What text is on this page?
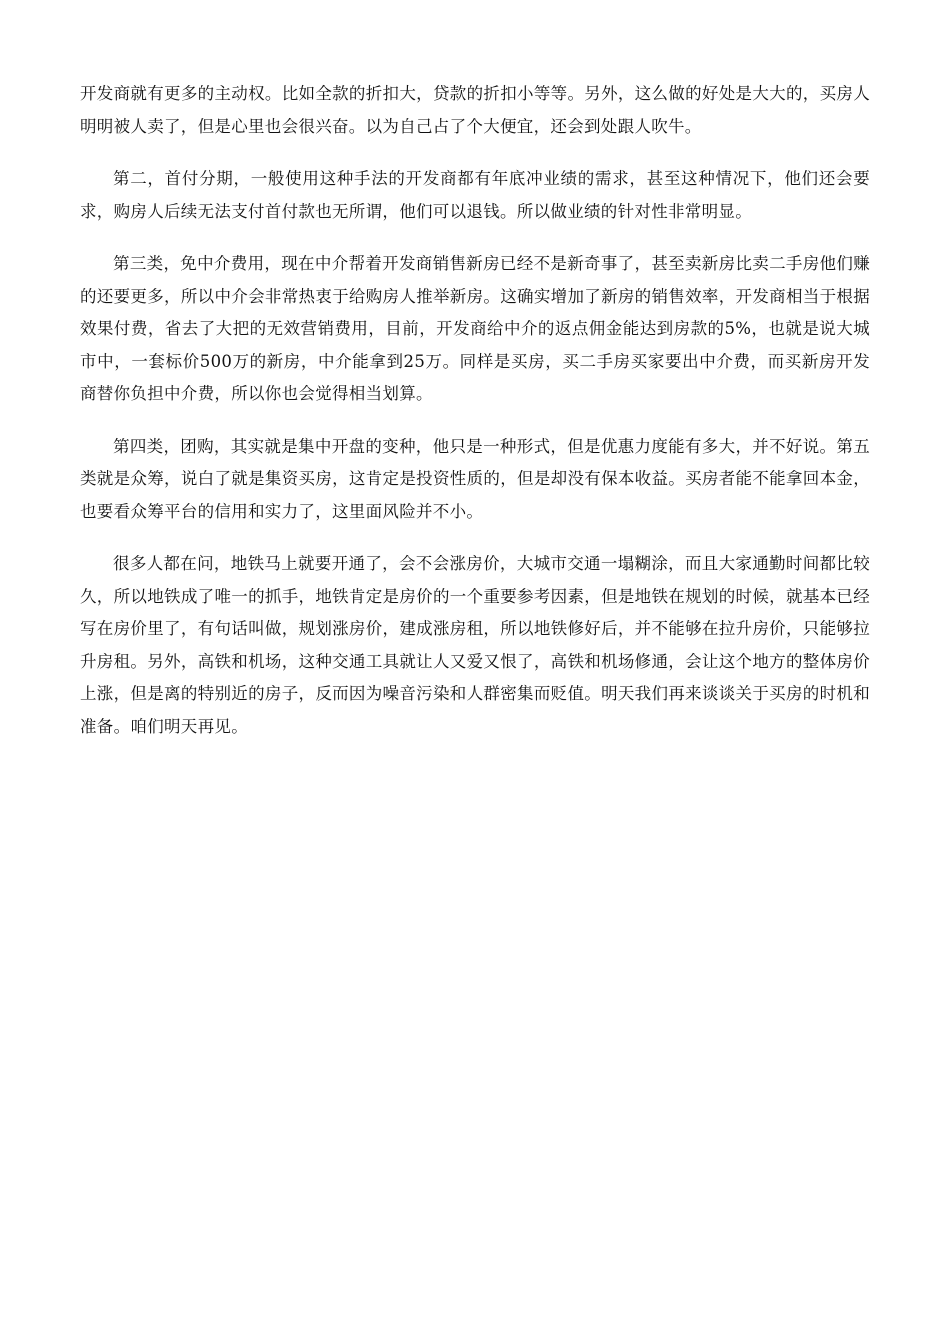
开发商就有更多的主动权。比如全款的折扣大，贷款的折扣小等等。另外，这么做的好处是大大的，买房人明明被人卖了，但是心里也会很兴奋。以为自己占了个大便宜，还会到处跟人吹牛。

第二，首付分期，一般使用这种手法的开发商都有年底冲业绩的需求，甚至这种情况下，他们还会要求，购房人后续无法支付首付款也无所谓，他们可以退钱。所以做业绩的针对性非常明显。

第三类，免中介费用，现在中介帮着开发商销售新房已经不是新奇事了，甚至卖新房比卖二手房他们赚的还要更多，所以中介会非常热衷于给购房人推举新房。这确实增加了新房的销售效率，开发商相当于根据效果付费，省去了大把的无效营销费用，目前，开发商给中介的返点佣金能达到房款的5%，也就是说大城市中，一套标价500万的新房，中介能拿到25万。同样是买房，买二手房买家要出中介费，而买新房开发商替你负担中介费，所以你也会觉得相当划算。

第四类，团购，其实就是集中开盘的变种，他只是一种形式，但是优惠力度能有多大，并不好说。第五类就是众筹，说白了就是集资买房，这肯定是投资性质的，但是却没有保本收益。买房者能不能拿回本金，也要看众筹平台的信用和实力了，这里面风险并不小。

很多人都在问，地铁马上就要开通了，会不会涨房价，大城市交通一塌糊涂，而且大家通勤时间都比较久，所以地铁成了唯一的抓手，地铁肯定是房价的一个重要参考因素，但是地铁在规划的时候，就基本已经写在房价里了，有句话叫做，规划涨房价，建成涨房租，所以地铁修好后，并不能够在拉升房价，只能够拉升房租。另外，高铁和机场，这种交通工具就让人又爱又恨了，高铁和机场修通，会让这个地方的整体房价上涨，但是离的特别近的房子，反而因为噪音污染和人群密集而贬值。明天我们再来谈谈关于买房的时机和准备。咱们明天再见。
